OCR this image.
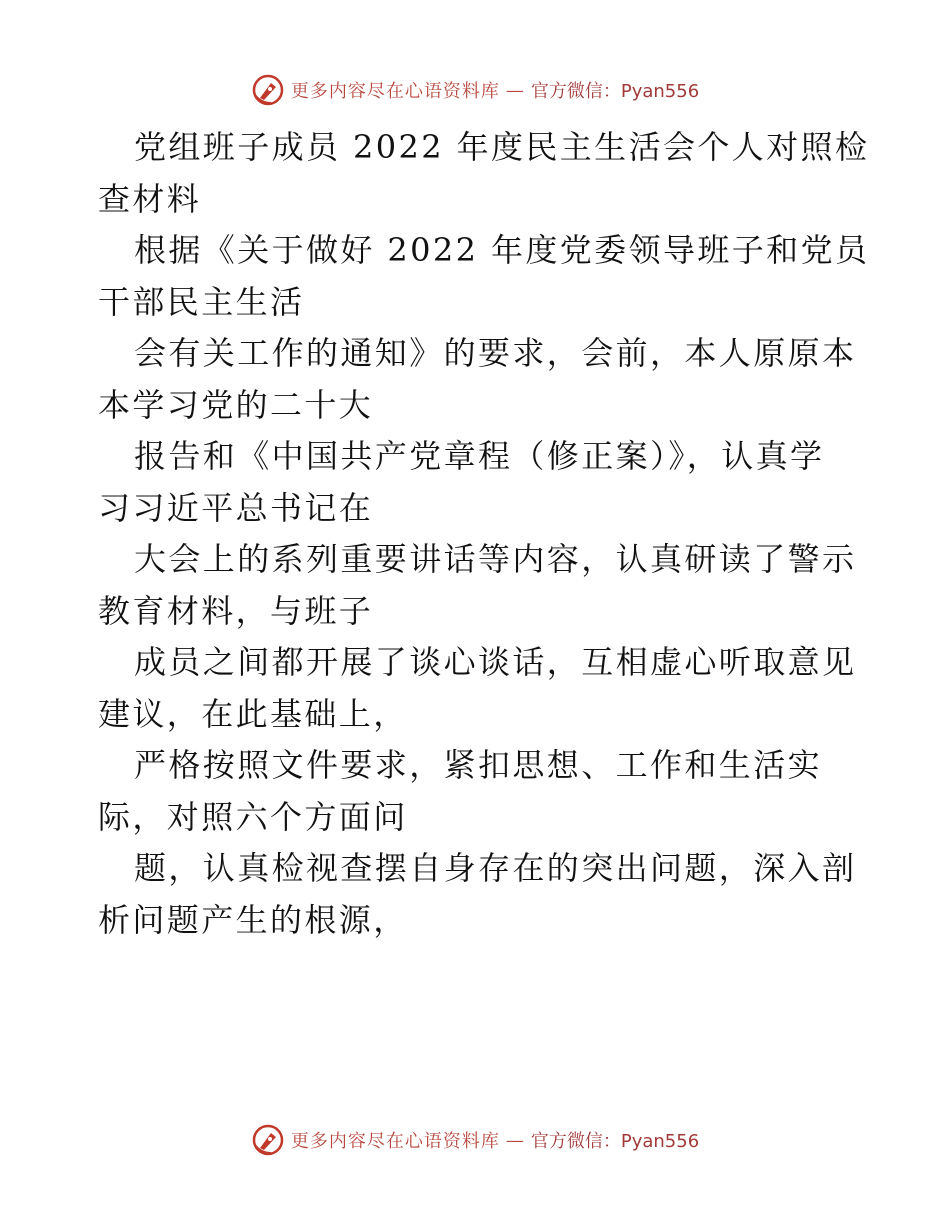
更多内容尽在心语资料库 — 官方微信：Pyan556
党组班子成员 2022 年度民主生活会个人对照检
查材料
根据《关于做好 2022 年度党委领导班子和党员
干部民主生活
会有关工作的通知》的要求，会前，本人原原本
本学习党的二十大
报告和《中国共产党章程（修正案）》，认真学
习习近平总书记在
大会上的系列重要讲话等内容，认真研读了警示
教育材料，与班子
成员之间都开展了谈心谈话，互相虚心听取意见
建议，在此基础上，
严格按照文件要求，紧扣思想、工作和生活实
际，对照六个方面问
题，认真检视查摆自身存在的突出问题，深入剖
析问题产生的根源，
更多内容尽在心语资料库 — 官方微信：Pyan556
